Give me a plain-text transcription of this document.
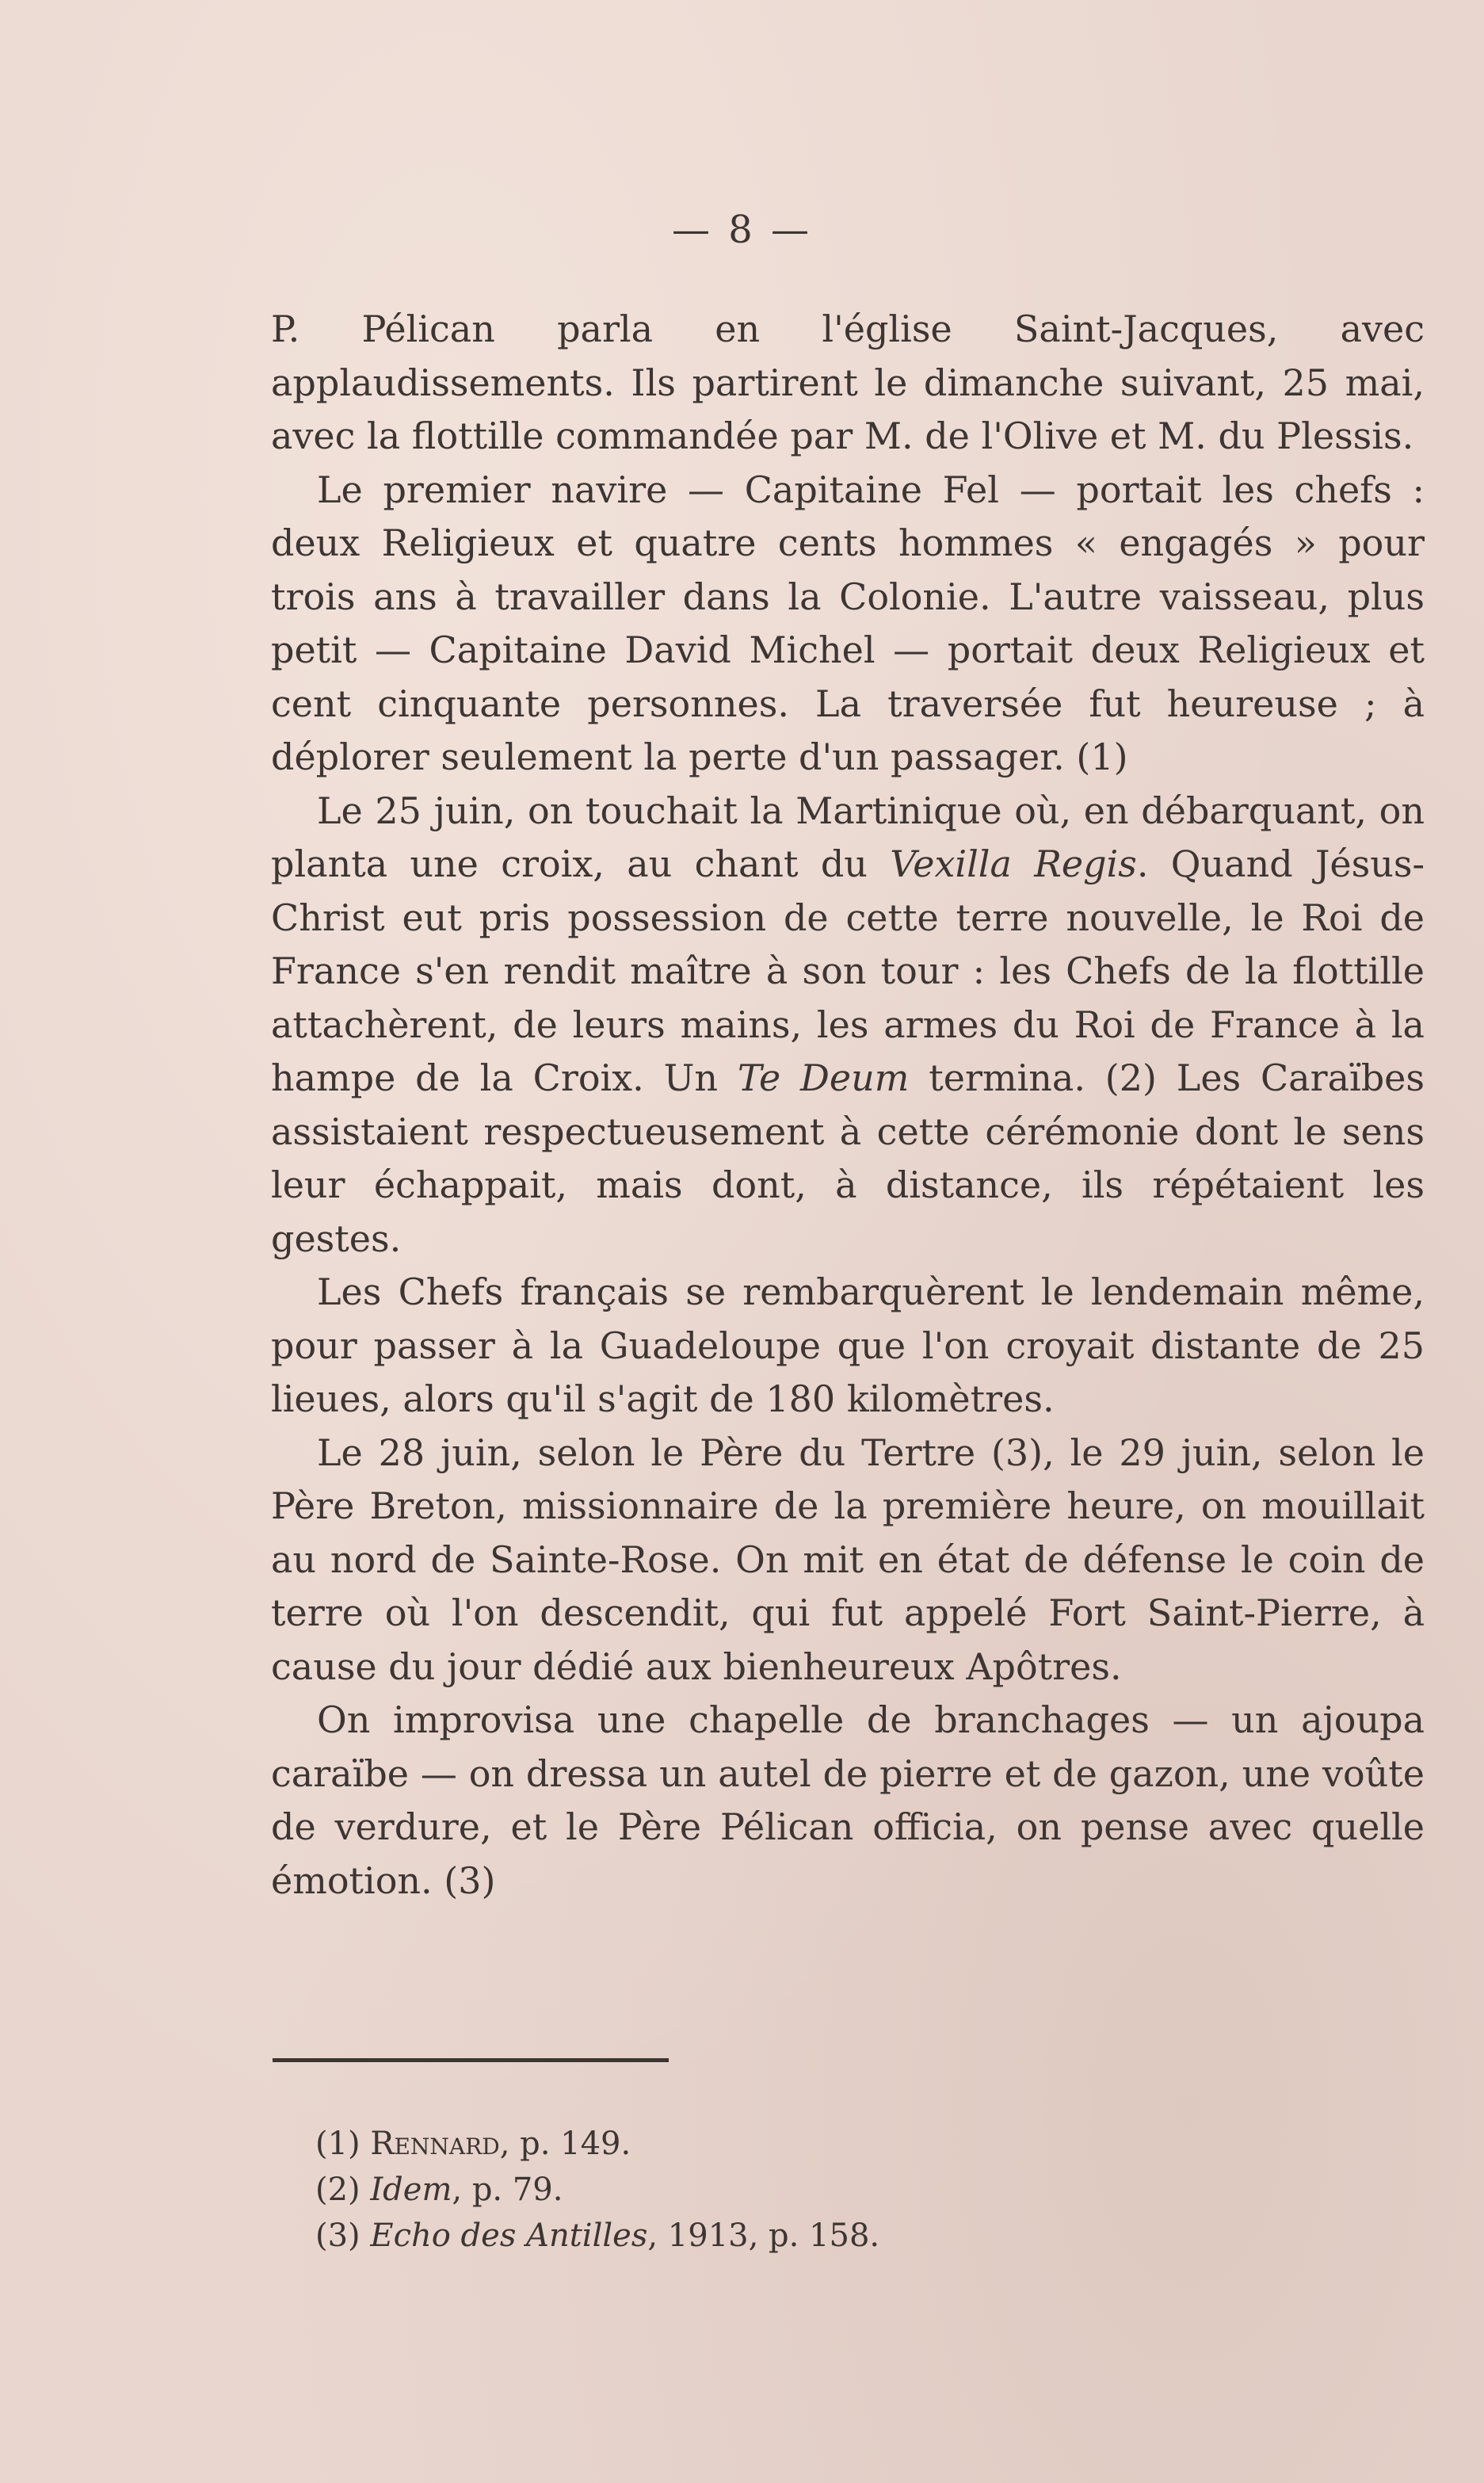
— 8 —

P. Pélican parla en l'église Saint-Jacques, avec applaudissements. Ils partirent le dimanche suivant, 25 mai, avec la flottille commandée par M. de l'Olive et M. du Plessis.

Le premier navire — Capitaine Fel — portait les chefs : deux Religieux et quatre cents hommes « engagés » pour trois ans à travailler dans la Colonie. L'autre vaisseau, plus petit — Capitaine David Michel — portait deux Religieux et cent cinquante personnes. La traversée fut heureuse ; à déplorer seulement la perte d'un passager. (1)

Le 25 juin, on touchait la Martinique où, en débarquant, on planta une croix, au chant du Vexilla Regis. Quand Jésus-Christ eut pris possession de cette terre nouvelle, le Roi de France s'en rendit maître à son tour : les Chefs de la flottille attachèrent, de leurs mains, les armes du Roi de France à la hampe de la Croix. Un Te Deum termina. (2) Les Caraïbes assistaient respectueusement à cette cérémonie dont le sens leur échappait, mais dont, à distance, ils répétaient les gestes.

Les Chefs français se rembarquèrent le lendemain même, pour passer à la Guadeloupe que l'on croyait distante de 25 lieues, alors qu'il s'agit de 180 kilomètres.

Le 28 juin, selon le Père du Tertre (3), le 29 juin, selon le Père Breton, missionnaire de la première heure, on mouillait au nord de Sainte-Rose. On mit en état de défense le coin de terre où l'on descendit, qui fut appelé Fort Saint-Pierre, à cause du jour dédié aux bienheureux Apôtres.

On improvisa une chapelle de branchages — un ajoupa caraïbe — on dressa un autel de pierre et de gazon, une voûte de verdure, et le Père Pélican officia, on pense avec quelle émotion. (3)

(1) Rennard, p. 149.
(2) Idem, p. 79.
(3) Echo des Antilles, 1913, p. 158.
